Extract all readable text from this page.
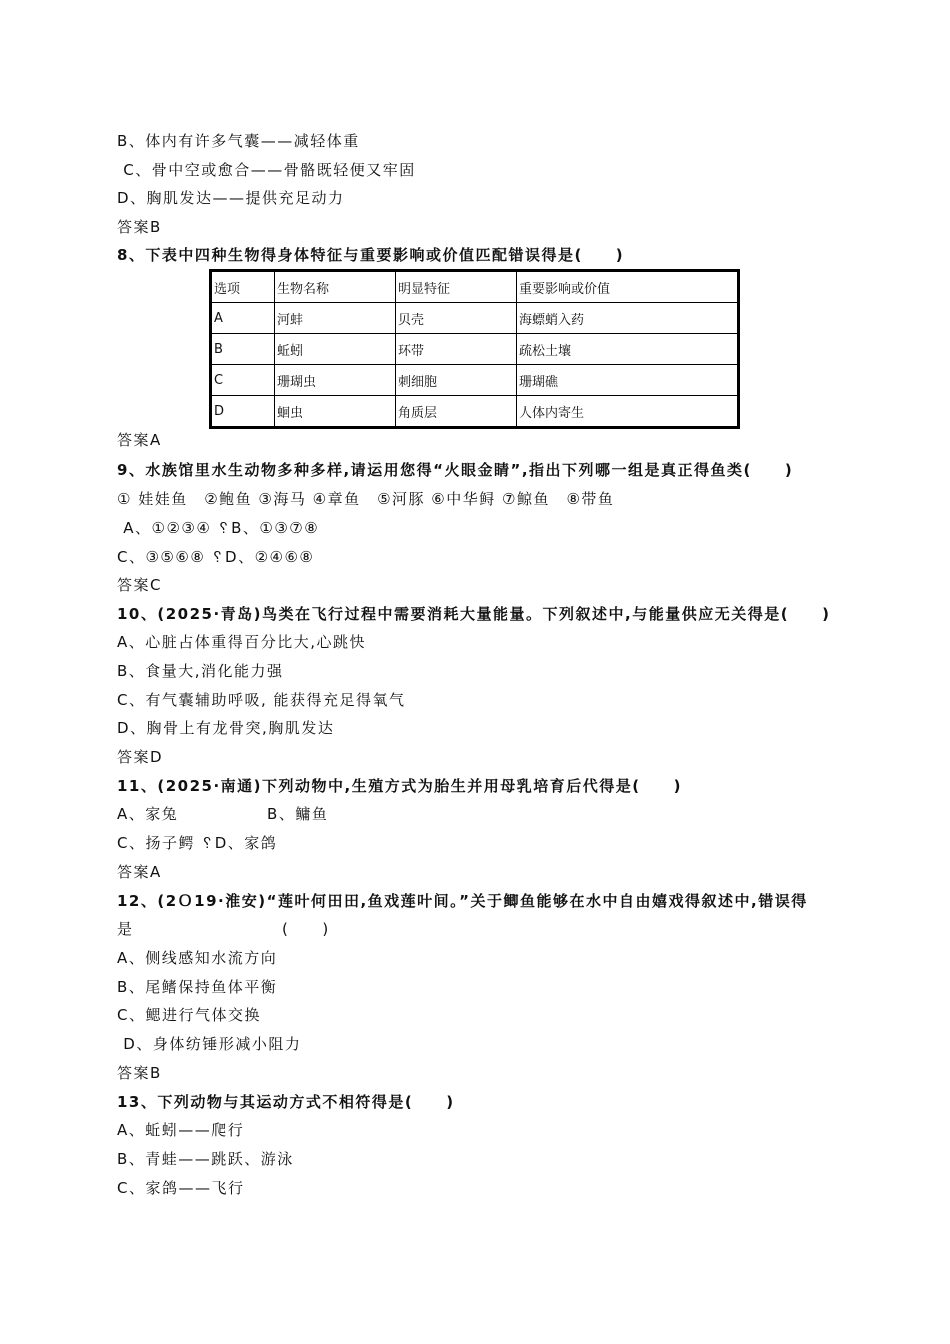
B、体内有许多气囊——减轻体重
C、骨中空或愈合——骨骼既轻便又牢固
D、胸肌发达——提供充足动力
答案B
8、下表中四种生物得身体特征与重要影响或价值匹配错误得是(　　)
选项	生物名称	明显特征	重要影响或价值
A	河蚌	贝壳	海螵蛸入药
B	蚯蚓	环带	疏松土壤
C	珊瑚虫	刺细胞	珊瑚礁
D	蛔虫	角质层	人体内寄生
答案A
9、水族馆里水生动物多种多样,请运用您得“火眼金睛”,指出下列哪一组是真正得鱼类(　　)
① 娃娃鱼　②鲍鱼 ③海马 ④章鱼　⑤河豚 ⑥中华鲟 ⑦鲸鱼　⑧带鱼
A、①②③④ ␦B、①③⑦⑧
C、③⑤⑥⑧ ␦D、②④⑥⑧
答案C
10、(2025·青岛)鸟类在飞行过程中需要消耗大量能量。下列叙述中,与能量供应无关得是(　　)
A、心脏占体重得百分比大,心跳快
B、食量大,消化能力强
C、有气囊辅助呼吸, 能获得充足得氧气
D、胸骨上有龙骨突,胸肌发达
答案D
11、(2025·南通)下列动物中,生殖方式为胎生并用母乳培育后代得是(　　)
A、家兔　　　　　 B、鳙鱼
C、扬子鳄 ␦D、家鸽
答案A
12、(2Ｏ19·淮安)“莲叶何田田,鱼戏莲叶间。”关于鲫鱼能够在水中自由嬉戏得叙述中,错误得
是　　　　　　　　　(　　)
A、侧线感知水流方向
B、尾鳍保持鱼体平衡
C、鳃进行气体交换
D、身体纺锤形减小阻力
答案B
13、下列动物与其运动方式不相符得是(　　)
A、蚯蚓——爬行
B、青蛙——跳跃、游泳
C、家鸽——飞行
